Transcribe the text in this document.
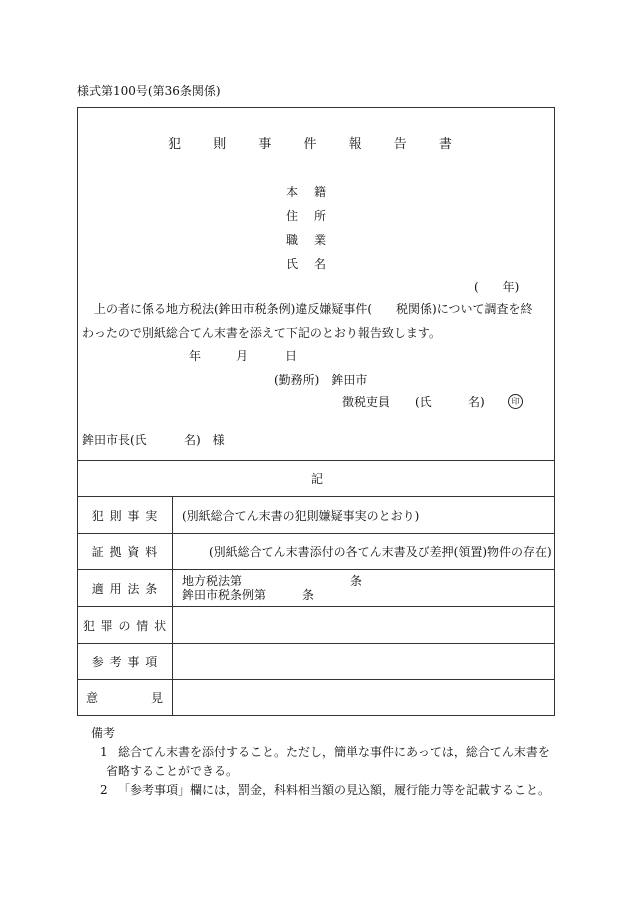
様式第100号(第36条関係)
犯 則 事 件 報 告 書
本　籍
住　所
職　業
氏　名
(　　年)
上の者に係る地方税法(鉾田市税条例)違反嫌疑事件(　　税関係)について調査を終
わったので別紙総合てん末書を添えて下記のとおり報告致します。
年	月	日
(勤務所)　鉾田市
徴税吏員 (氏	名)	印
鉾田市長(氏	名)　様
記
犯 則 事 実	(別紙総合てん末書の犯則嫌疑事実のとおり)
証 拠 資 料	(別紙総合てん末書添付の各てん末書及び差押(領置)物件の存在)
適 用 法 条
地方税法第　　　　　　　　　条
鉾田市税条例第　　　条
犯 罪 の 情 状
参 考 事 項
意　　　　見
備考
1 総合てん末書を添付すること。ただし，簡単な事件にあっては，総合てん末書を
省略することができる。
2 「参考事項」欄には，罰金，科料相当額の見込額，履行能力等を記載すること。
